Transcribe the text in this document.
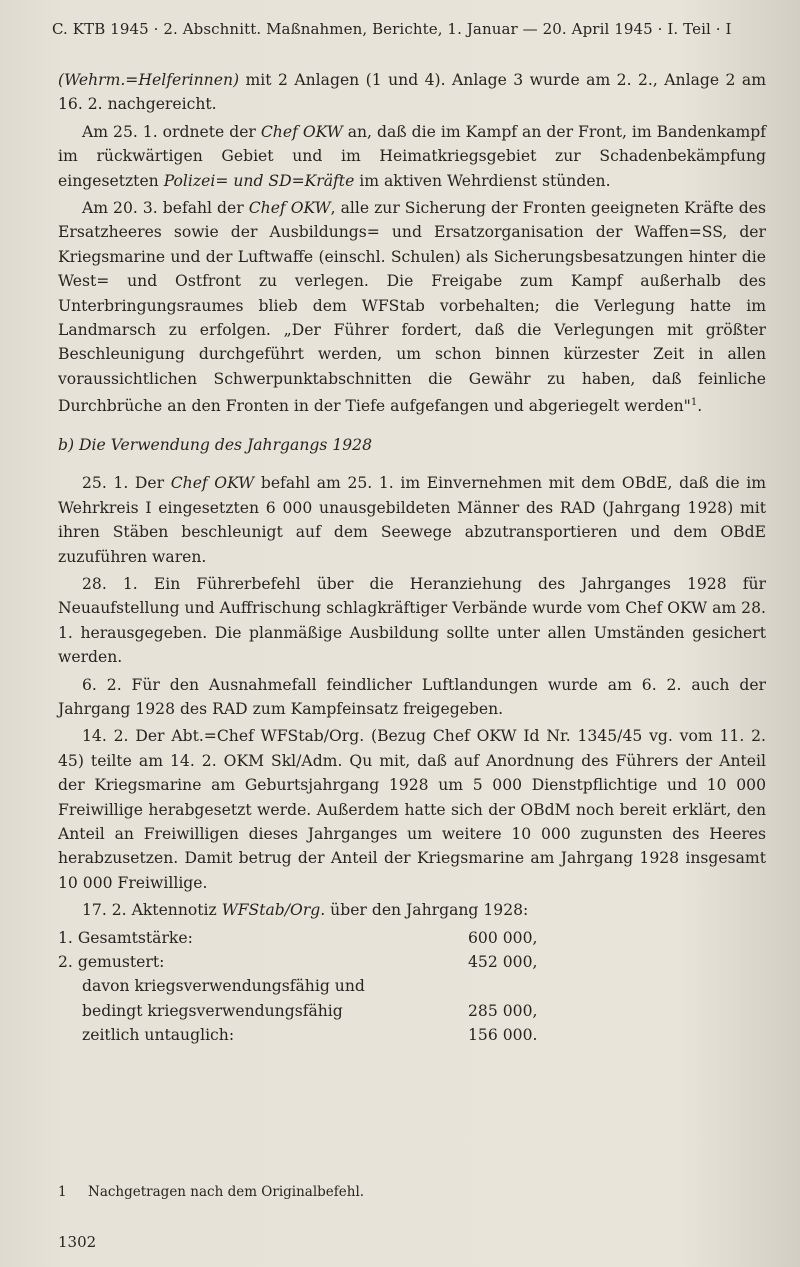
C. KTB 1945 · 2. Abschnitt. Maßnahmen, Berichte, 1. Januar — 20. April 1945 · I. Teil · I

(Wehrm.=Helferinnen) mit 2 Anlagen (1 und 4). Anlage 3 wurde am 2. 2., Anlage 2 am 16. 2. nachgereicht.

Am 25. 1. ordnete der Chef OKW an, daß die im Kampf an der Front, im Bandenkampf im rückwärtigen Gebiet und im Heimatkriegsgebiet zur Schadenbekämpfung eingesetzten Polizei= und SD=Kräfte im aktiven Wehrdienst stünden.

Am 20. 3. befahl der Chef OKW, alle zur Sicherung der Fronten geeigneten Kräfte des Ersatzheeres sowie der Ausbildungs= und Ersatzorganisation der Waffen=SS, der Kriegsmarine und der Luftwaffe (einschl. Schulen) als Sicherungsbesatzungen hinter die West= und Ostfront zu verlegen. Die Freigabe zum Kampf außerhalb des Unterbringungsraumes blieb dem WFStab vorbehalten; die Verlegung hatte im Landmarsch zu erfolgen. „Der Führer fordert, daß die Verlegungen mit größter Beschleunigung durchgeführt werden, um schon binnen kürzester Zeit in allen voraussichtlichen Schwerpunktabschnitten die Gewähr zu haben, daß feinliche Durchbrüche an den Fronten in der Tiefe aufgefangen und abgeriegelt werden"$^1$.

b) Die Verwendung des Jahrgangs 1928

25. 1. Der Chef OKW befahl am 25. 1. im Einvernehmen mit dem OBdE, daß die im Wehrkreis I eingesetzten 6 000 unausgebildeten Männer des RAD (Jahrgang 1928) mit ihren Stäben beschleunigt auf dem Seewege abzutransportieren und dem OBdE zuzuführen waren.

28. 1. Ein Führerbefehl über die Heranziehung des Jahrganges 1928 für Neuaufstellung und Auffrischung schlagkräftiger Verbände wurde vom Chef OKW am 28. 1. herausgegeben. Die planmäßige Ausbildung sollte unter allen Umständen gesichert werden.

6. 2. Für den Ausnahmefall feindlicher Luftlandungen wurde am 6. 2. auch der Jahrgang 1928 des RAD zum Kampfeinsatz freigegeben.

14. 2. Der Abt.=Chef WFStab/Org. (Bezug Chef OKW Id Nr. 1345/45 vg. vom 11. 2. 45) teilte am 14. 2. OKM Skl/Adm. Qu mit, daß auf Anordnung des Führers der Anteil der Kriegsmarine am Geburtsjahrgang 1928 um 5 000 Dienstpflichtige und 10 000 Freiwillige herabgesetzt werde. Außerdem hatte sich der OBdM noch bereit erklärt, den Anteil an Freiwilligen dieses Jahrganges um weitere 10 000 zugunsten des Heeres herabzusetzen. Damit betrug der Anteil der Kriegsmarine am Jahrgang 1928 insgesamt 10 000 Freiwillige.

17. 2. Aktennotiz WFStab/Org. über den Jahrgang 1928:

1. Gesamtstärke:	600 000,
2. gemustert:	452 000,
davon kriegsverwendungsfähig und
bedingt kriegsverwendungsfähig	285 000,
zeitlich untauglich:	156 000.
1 Nachgetragen nach dem Originalbefehl.
1302
